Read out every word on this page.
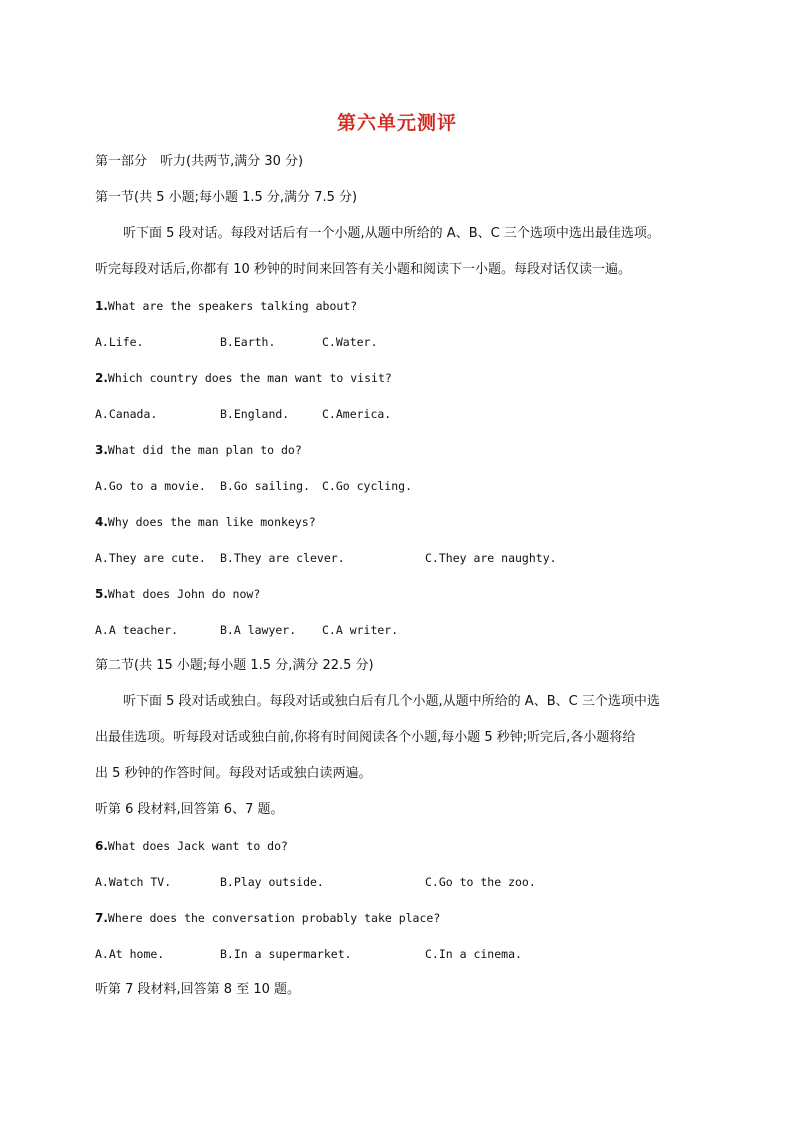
第六单元测评
第一部分　听力(共两节,满分 30 分)
第一节(共 5 小题;每小题 1.5 分,满分 7.5 分)
听下面 5 段对话。每段对话后有一个小题,从题中所给的 A、B、C 三个选项中选出最佳选项。
听完每段对话后,你都有 10 秒钟的时间来回答有关小题和阅读下一小题。每段对话仅读一遍。
1.What are the speakers talking about?
A.Life.	B.Earth.	C.Water.
2.Which country does the man want to visit?
A.Canada.	B.England.	C.America.
3.What did the man plan to do?
A.Go to a movie. B.Go sailing. C.Go cycling.
4.Why does the man like monkeys?
A.They are cute. B.They are clever.	C.They are naughty.
5.What does John do now?
A.A teacher.	B.A lawyer. C.A writer.
第二节(共 15 小题;每小题 1.5 分,满分 22.5 分)
听下面 5 段对话或独白。每段对话或独白后有几个小题,从题中所给的 A、B、C 三个选项中选
出最佳选项。听每段对话或独白前,你将有时间阅读各个小题,每小题 5 秒钟;听完后,各小题将给
出 5 秒钟的作答时间。每段对话或独白读两遍。
听第 6 段材料,回答第 6、7 题。
6.What does Jack want to do?
A.Watch TV.	B.Play outside.	C.Go to the zoo.
7.Where does the conversation probably take place?
A.At home.	B.In a supermarket.	C.In a cinema.
听第 7 段材料,回答第 8 至 10 题。
